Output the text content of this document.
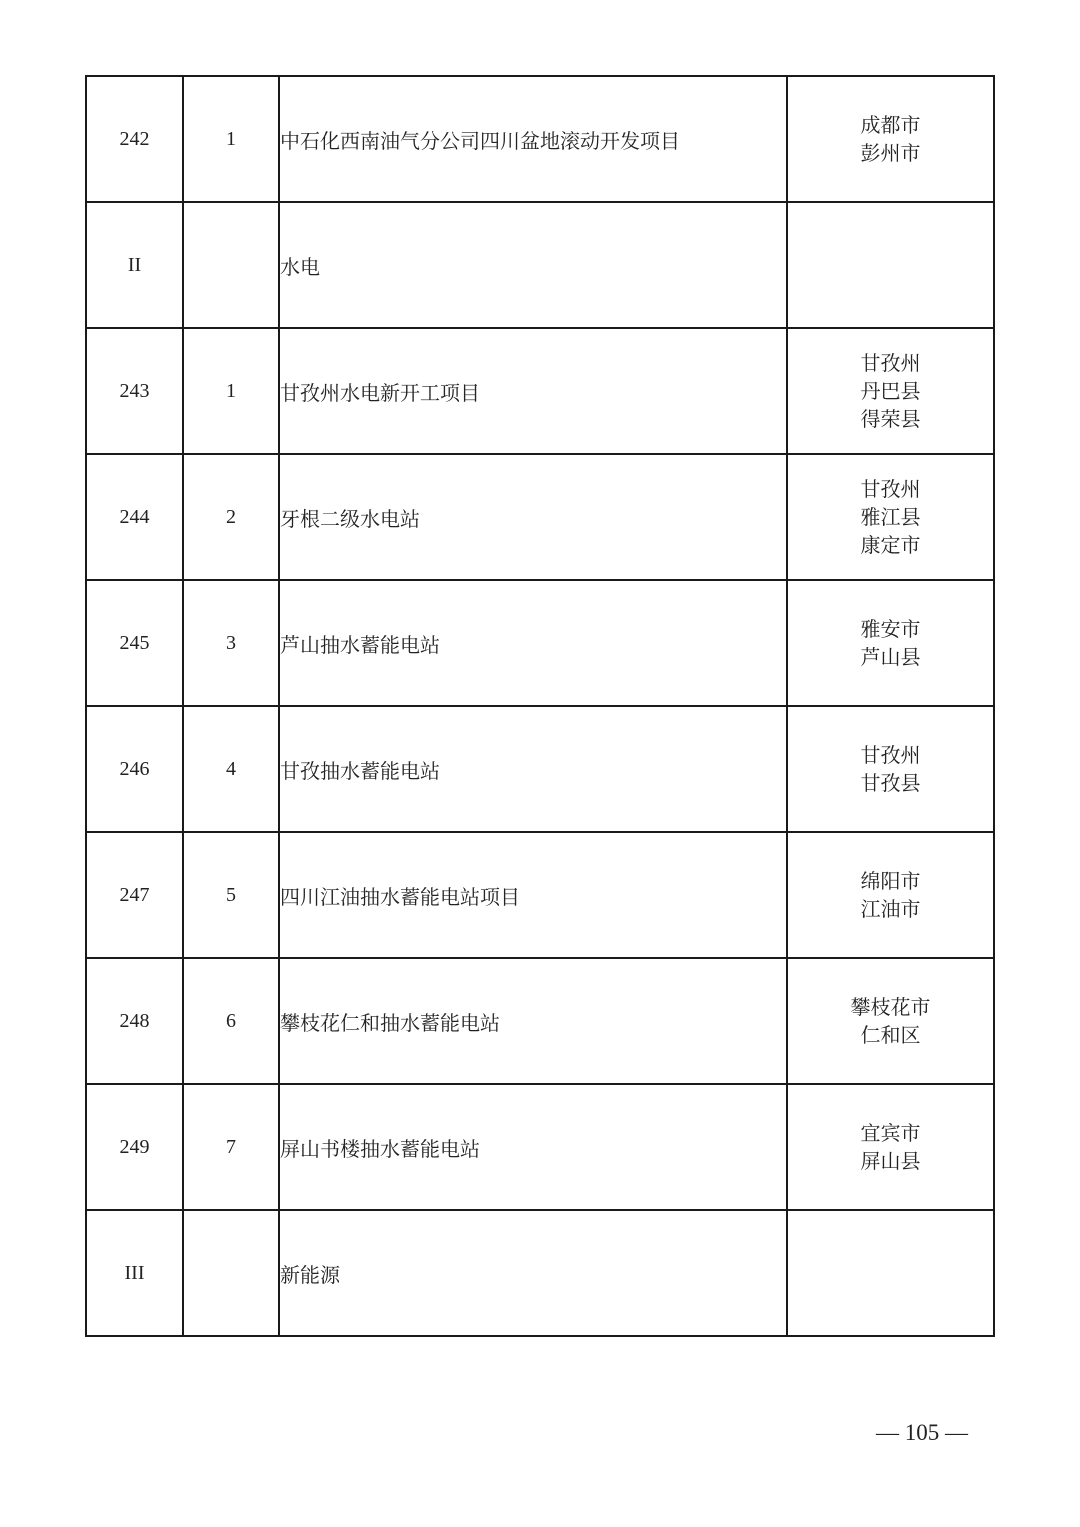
242	1	中石化西南油气分公司四川盆地滚动开发项目	成都市
彭州市

II		水电	
243	1	甘孜州水电新开工项目	甘孜州
丹巴县
得荣县

244	2	牙根二级水电站	甘孜州
雅江县
康定市

245	3	芦山抽水蓄能电站	雅安市
芦山县

246	4	甘孜抽水蓄能电站	甘孜州
甘孜县

247	5	四川江油抽水蓄能电站项目	绵阳市
江油市

248	6	攀枝花仁和抽水蓄能电站	攀枝花市
仁和区

249	7	屏山书楼抽水蓄能电站	宜宾市
屏山县

III		新能源	
— 105 —
